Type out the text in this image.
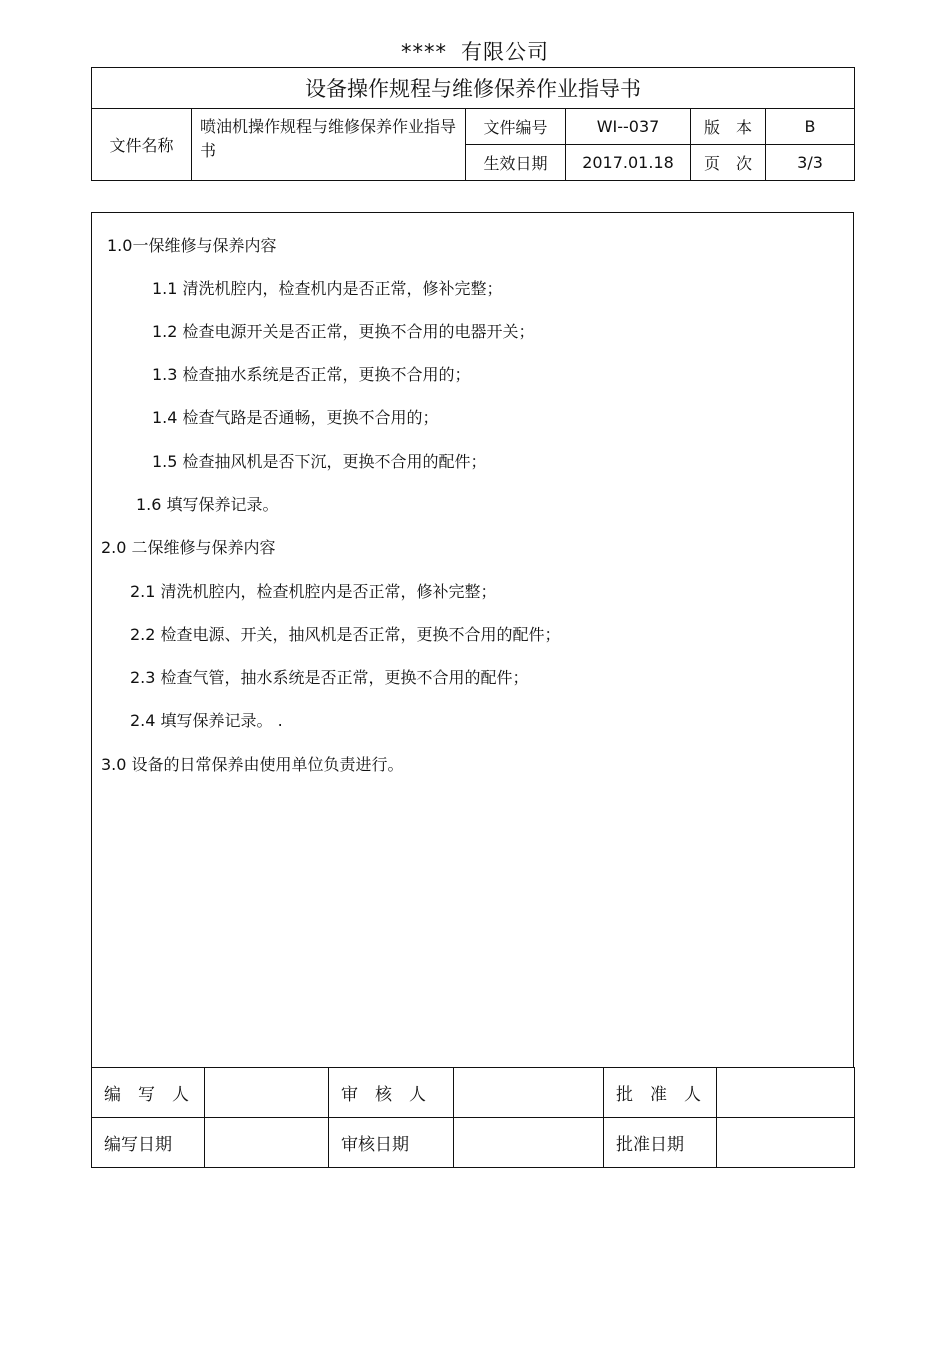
**** 有限公司
设备操作规程与维修保养作业指导书					
文件名称	喷油机操作规程与维修保养作业指导书	文件编号	WI--037	版　本	B
		生效日期	2017.01.18	页　次	3/3
1.0一保维修与保养内容
1.1 清洗机腔内，检查机内是否正常，修补完整；
1.2 检查电源开关是否正常，更换不合用的电器开关；
1.3 检查抽水系统是否正常，更换不合用的；
1.4 检查气路是否通畅，更换不合用的；
1.5 检查抽风机是否下沉，更换不合用的配件；
1.6 填写保养记录。
2.0 二保维修与保养内容
2.1 清洗机腔内，检查机腔内是否正常，修补完整；
2.2 检查电源、开关，抽风机是否正常，更换不合用的配件；
2.3 检查气管，抽水系统是否正常，更换不合用的配件；
2.4 填写保养记录。 .
3.0 设备的日常保养由使用单位负责进行。
编　写　人		审　核　人		批　准　人	
编写日期		审核日期		批准日期	
